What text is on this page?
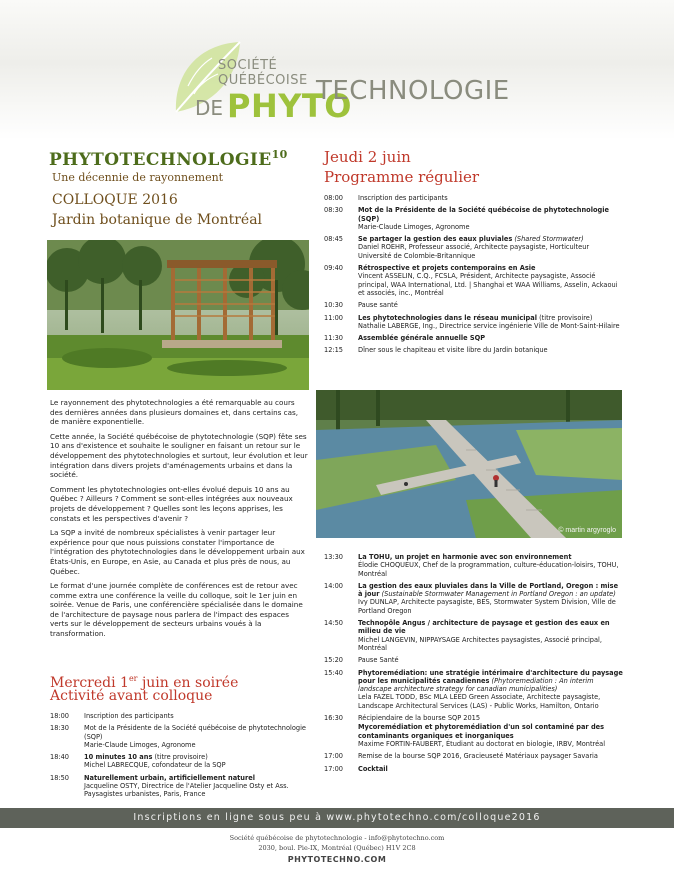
SOCIÉTÉ
QUÉBÉCOISE
DE PHYTO
TECHNOLOGIE
PHYTOTECHNOLOGIE$^{10}$
Une décennie de rayonnement
COLLOQUE 2016
Jardin botanique de Montréal

Le rayonnement des phytotechnologies a été remarquable au cours des dernières années dans plusieurs domaines et, dans certains cas, de manière exponentielle.

Cette année, la Société québécoise de phytotechnologie (SQP) fête ses 10 ans d'existence et souhaite le souligner en faisant un retour sur le développement des phytotechnologies et surtout, leur évolution et leur intégration dans divers projets d'aménagements urbains et dans la société.

Comment les phytotechnologies ont-elles évolué depuis 10 ans au Québec ? Ailleurs ? Comment se sont-elles intégrées aux nouveaux projets de développement ? Quelles sont les leçons apprises, les constats et les perspectives d'avenir ?

La SQP a invité de nombreux spécialistes à venir partager leur expérience pour que nous puissions constater l'importance de l'intégration des phytotechnologies dans le développement urbain aux États-Unis, en Europe, en Asie, au Canada et plus près de nous, au Québec.

Le format d'une journée complète de conférences est de retour avec comme extra une conférence la veille du colloque, soit le 1er juin en soirée. Venue de Paris, une conférencière spécialisée dans le domaine de l'architecture de paysage nous parlera de l'impact des espaces verts sur le développement de secteurs urbains voués à la transformation.

Mercredi 1er juin en soirée
Activité avant colloque
18:00	Inscription des participants
18:30	Mot de la Présidente de la Société québécoise de phytotechnologie (SQP)
Marie-Claude Limoges, Agronome
18:40	10 minutes 10 ans (titre provisoire)
Michel LABRECQUE, cofondateur de la SQP
18:50	Naturellement urbain, artificiellement naturel
Jacqueline OSTY, Directrice de l'Atelier Jacqueline Osty et Ass. Paysagistes urbanistes, Paris, France
Jeudi 2 juin
Programme régulier
08:00	Inscription des participants
08:30	Mot de la Présidente de la Société québécoise de phytotechnologie (SQP)
Marie-Claude Limoges, Agronome
08:45	Se partager la gestion des eaux pluviales (Shared Stormwater)
Daniel ROEHR, Professeur associé, Architecte paysagiste, Horticulteur Université de Colombie-Britannique
09:40	Rétrospective et projets contemporains en Asie
Vincent ASSELIN, C.Q., FCSLA, Président, Architecte paysagiste, Associé principal, WAA International, Ltd. | Shanghai et WAA Williams, Asselin, Ackaoui et associés, inc., Montréal
10:30	Pause santé
11:00	Les phytotechnologies dans le réseau municipal (titre provisoire)
Nathalie LABERGE, Ing., Directrice service ingénierie Ville de Mont-Saint-Hilaire
11:30	Assemblée générale annuelle SQP
12:15	Dîner sous le chapiteau et visite libre du Jardin botanique
© martin argyroglo
13:30	La TOHU, un projet en harmonie avec son environnement
Élodie CHOQUEUX, Chef de la programmation, culture-éducation-loisirs, TOHU, Montréal
14:00	La gestion des eaux pluviales dans la Ville de Portland, Oregon : mise à jour (Sustainable Stormwater Management in Portland Oregon : an update)
Ivy DUNLAP, Architecte paysagiste, BES, Stormwater System Division, Ville de Portland Oregon
14:50	Technopôle Angus / architecture de paysage et gestion des eaux en milieu de vie
Michel LANGEVIN, NIPPAYSAGE Architectes paysagistes, Associé principal, Montréal
15:20	Pause Santé
15:40	Phytoremédiation: une stratégie intérimaire d'architecture du paysage pour les municipalités canadiennes (Phytoremediation : An interim landscape architecture strategy for canadian municipalities)
Lela FAZEL TODD, BSc MLA LEED Green Associate, Architecte paysagiste, Landscape Architectural Services (LAS) - Public Works, Hamilton, Ontario
16:30	Récipiendaire de la bourse SQP 2015
Mycoremédiation et phytoremédiation d'un sol contaminé par des contaminants organiques et inorganiques
Maxime FORTIN-FAUBERT, Étudiant au doctorat en biologie, IRBV, Montréal
17:00	Remise de la bourse SQP 2016, Gracieuseté Matériaux paysager Savaria
17:00	Cocktail
Inscriptions en ligne sous peu à www.phytotechno.com/colloque2016
Société québécoise de phytotechnologie - info@phytotechno.com
2030, boul. Pie-IX, Montréal (Québec) H1V 2C8
PHYTOTECHNO.COM
